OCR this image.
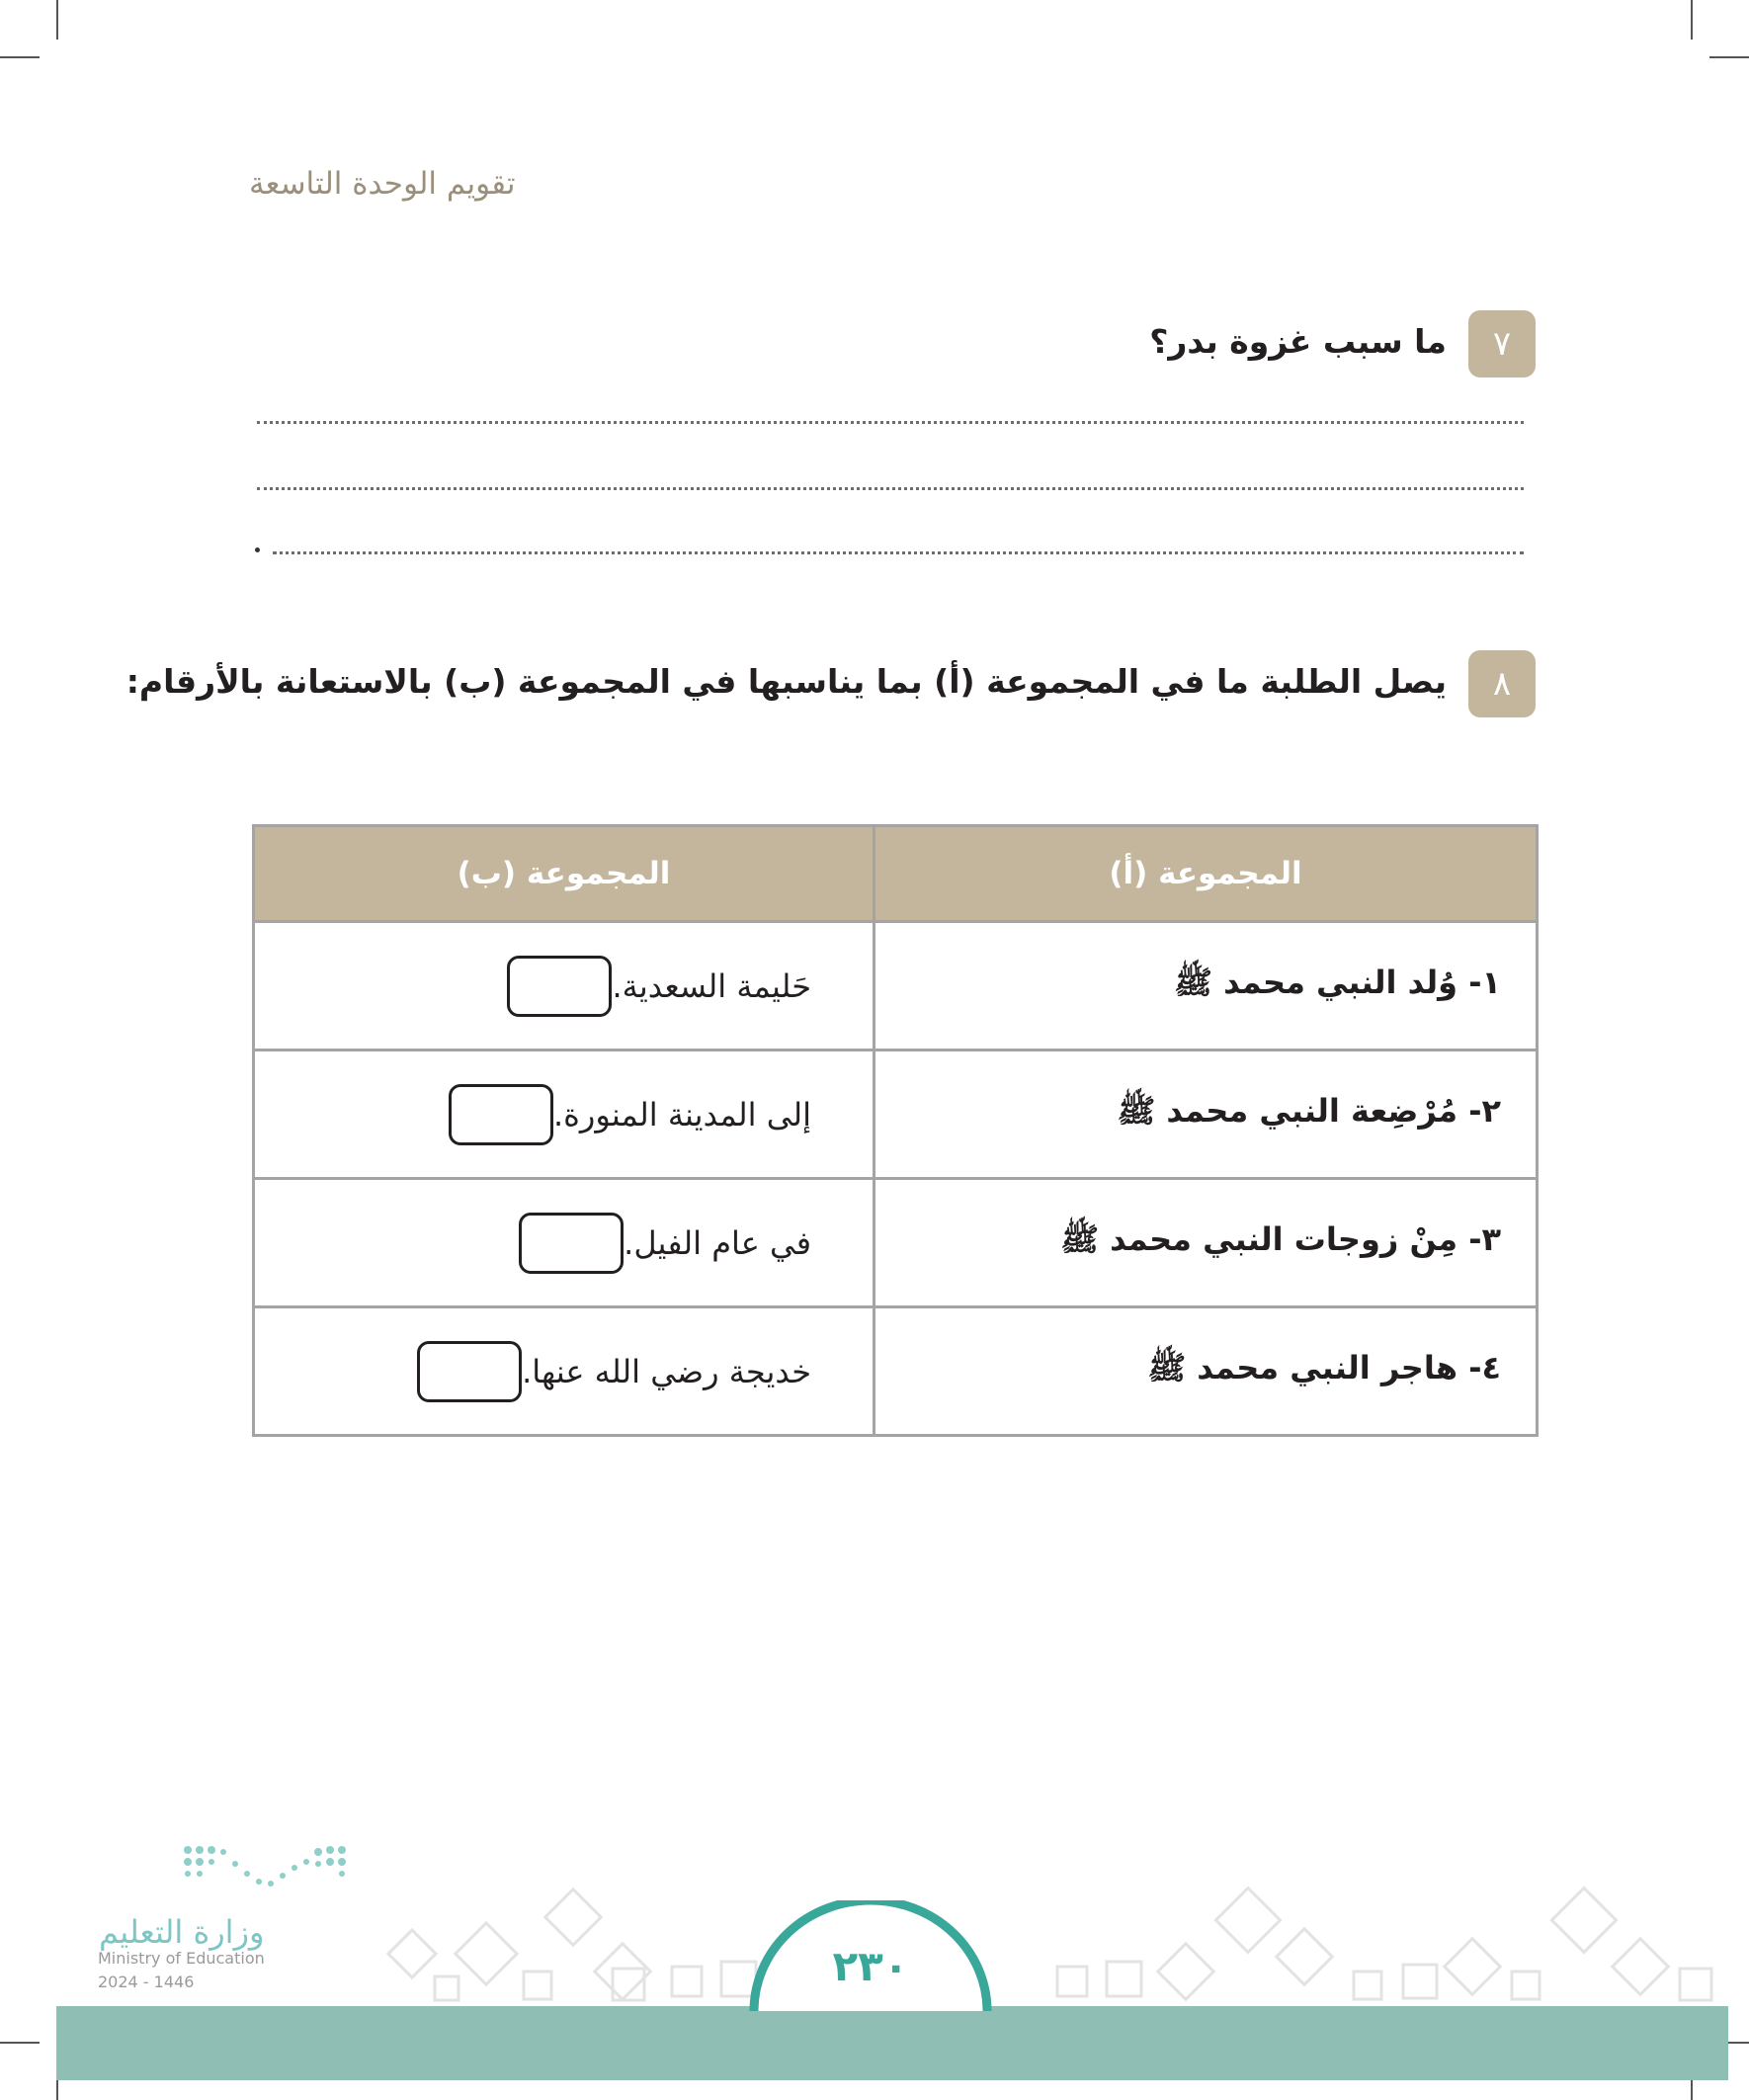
تقويم الوحدة التاسعة
٧
ما سبب غزوة بدر؟
٨
يصل الطلبة ما في المجموعة (أ) بما يناسبها في المجموعة (ب) بالاستعانة بالأرقام:
المجموعة (أ)	المجموعة (ب)
١- وُلد النبي محمد ﷺ	حَليمة السعدية.
٢- مُرْضِعة النبي محمد ﷺ	إلى المدينة المنورة.
٣- مِنْ زوجات النبي محمد ﷺ	في عام الفيل.
٤- هاجر النبي محمد ﷺ	خديجة رضي الله عنها.
وزارة التعليم
Ministry of Education
2024 - 1446	٢٣٠
